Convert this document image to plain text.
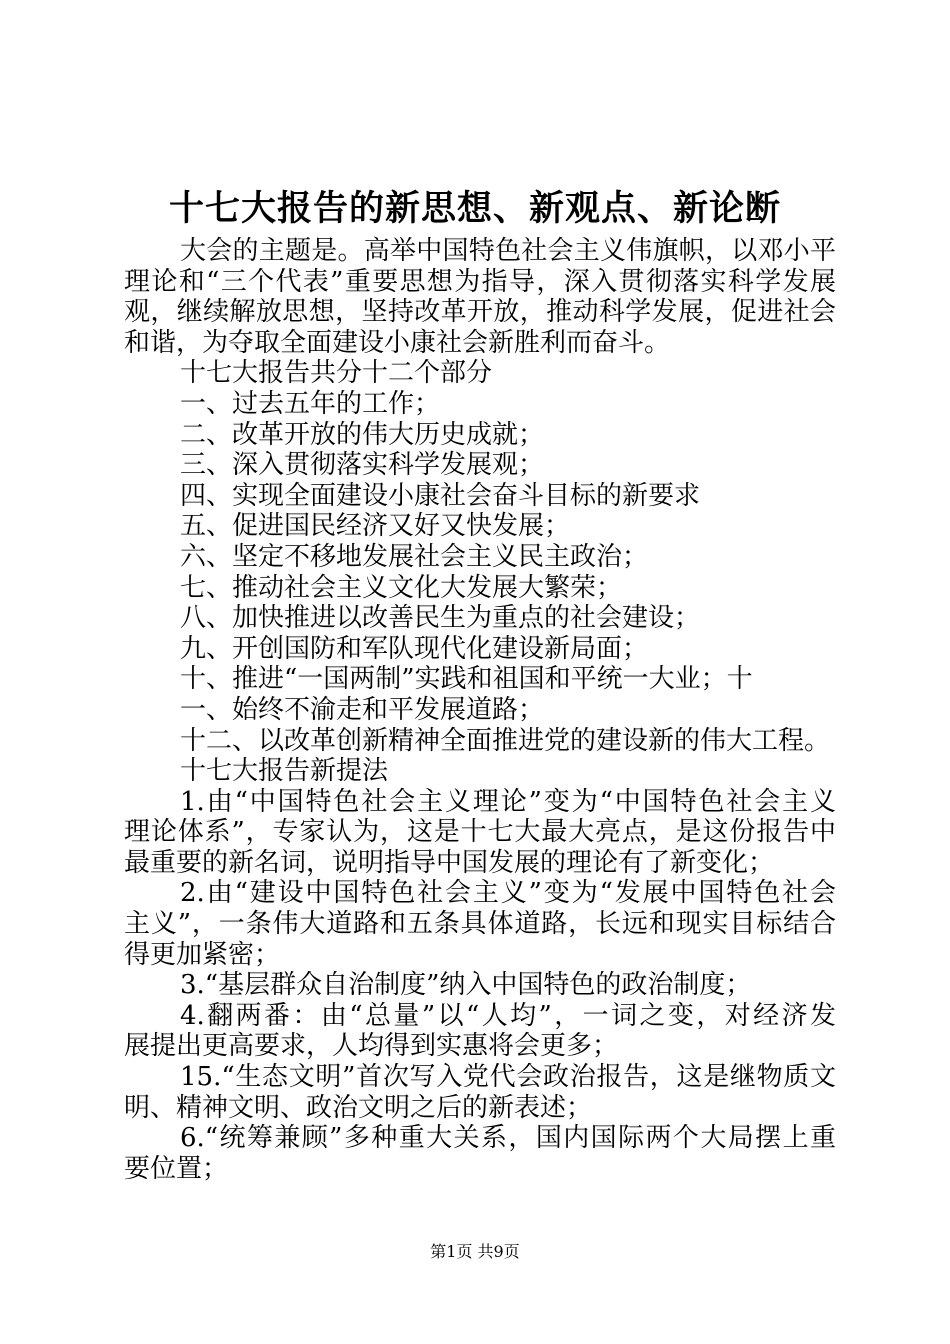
十七大报告的新思想、新观点、新论断
大会的主题是。高举中国特色社会主义伟旗帜，以邓小平
理论和“三个代表”重要思想为指导，深入贯彻落实科学发展
观，继续解放思想，坚持改革开放，推动科学发展，促进社会
和谐，为夺取全面建设小康社会新胜利而奋斗。
十七大报告共分十二个部分
一、过去五年的工作；
二、改革开放的伟大历史成就；
三、深入贯彻落实科学发展观；
四、实现全面建设小康社会奋斗目标的新要求
五、促进国民经济又好又快发展；
六、坚定不移地发展社会主义民主政治；
七、推动社会主义文化大发展大繁荣；
八、加快推进以改善民生为重点的社会建设；
九、开创国防和军队现代化建设新局面；
十、推进“一国两制”实践和祖国和平统一大业；十
一、始终不渝走和平发展道路；
十二、以改革创新精神全面推进党的建设新的伟大工程。
十七大报告新提法
1.由“中国特色社会主义理论”变为“中国特色社会主义
理论体系”，专家认为，这是十七大最大亮点，是这份报告中
最重要的新名词，说明指导中国发展的理论有了新变化；
2.由“建设中国特色社会主义”变为“发展中国特色社会
主义”，一条伟大道路和五条具体道路，长远和现实目标结合
得更加紧密；
3.“基层群众自治制度”纳入中国特色的政治制度；
4.翻两番：由“总量”以“人均”，一词之变，对经济发
展提出更高要求，人均得到实惠将会更多；
15.“生态文明”首次写入党代会政治报告，这是继物质文
明、精神文明、政治文明之后的新表述；
6.“统筹兼顾”多种重大关系，国内国际两个大局摆上重
要位置；
第1页 共9页
